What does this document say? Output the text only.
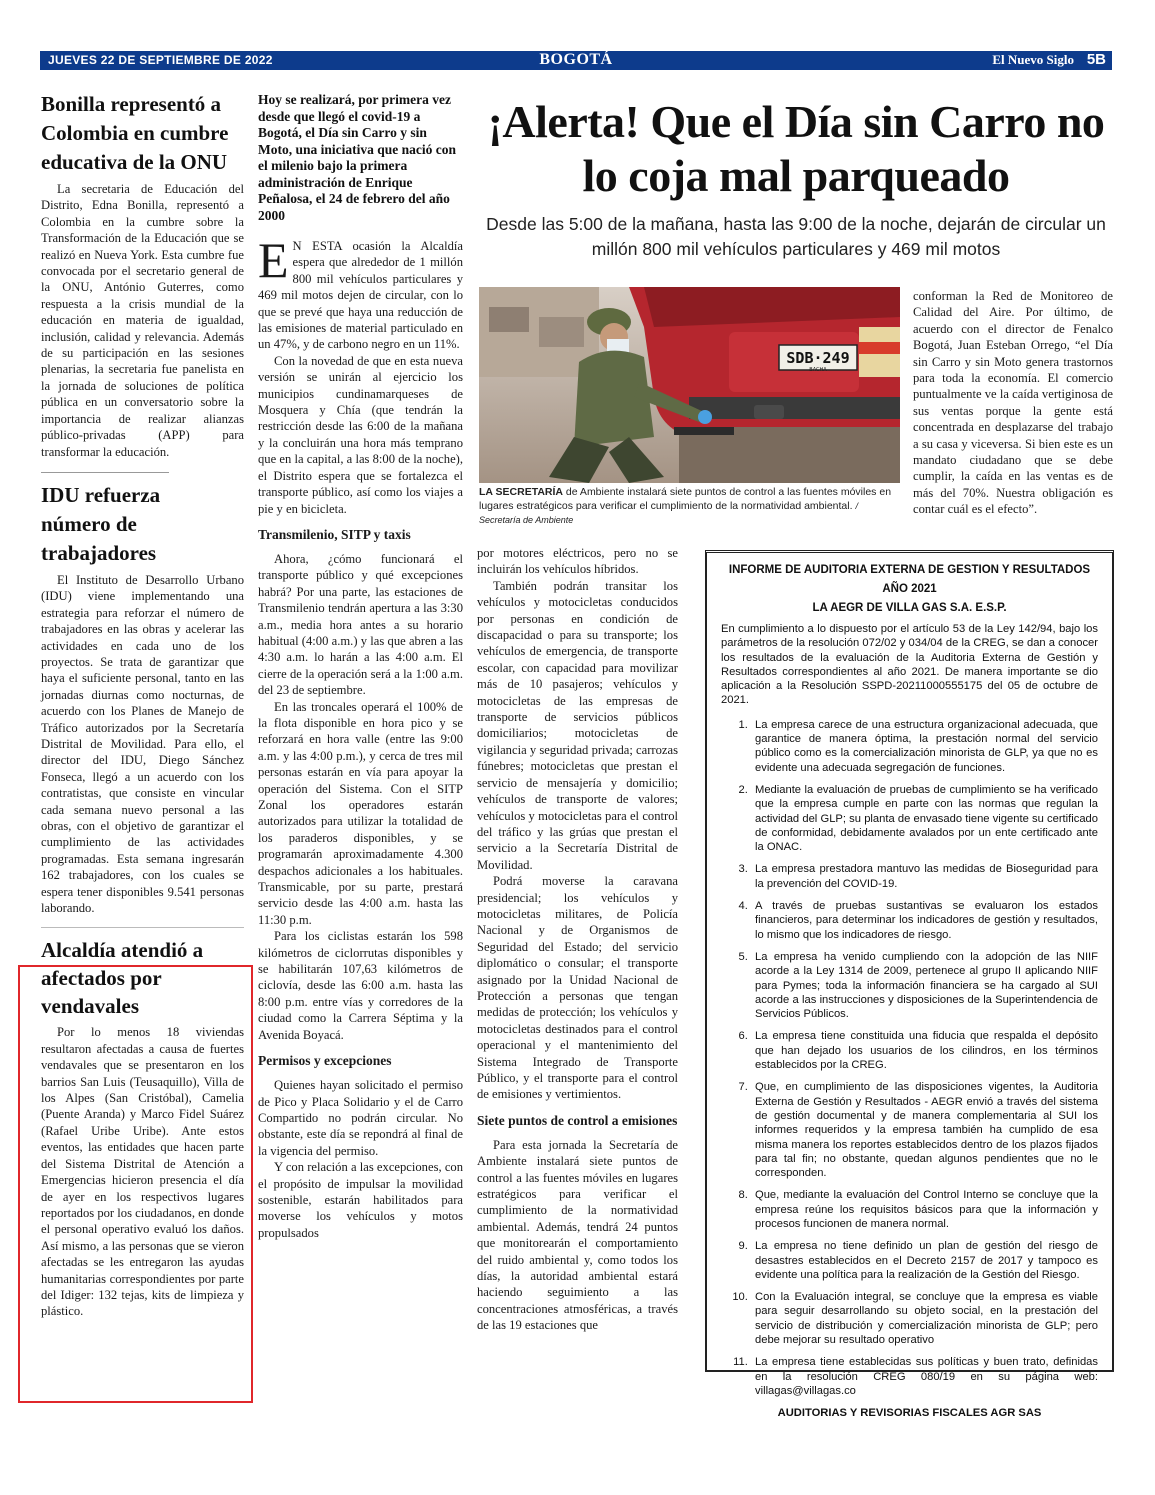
JUEVES 22 DE SEPTIEMBRE DE 2022	BOGOTÁ	El Nuevo Siglo 5B
Bonilla representó a Colombia en cumbre educativa de la ONU

La secretaria de Educación del Distrito, Edna Bonilla, representó a Colombia en la cumbre sobre la Transformación de la Educación que se realizó en Nueva York. Esta cumbre fue convocada por el secretario general de la ONU, António Guterres, como respuesta a la crisis mundial de la educación en materia de igualdad, inclusión, calidad y relevancia. Además de su participación en las sesiones plenarias, la secretaria fue panelista en la jornada de soluciones de política pública en un conversatorio sobre la importancia de realizar alianzas público-privadas (APP) para transformar la educación.

IDU refuerza número de trabajadores

El Instituto de Desarrollo Urbano (IDU) viene implementando una estrategia para reforzar el número de trabajadores en las obras y acelerar las actividades en cada uno de los proyectos. Se trata de garantizar que haya el suficiente personal, tanto en las jornadas diurnas como nocturnas, de acuerdo con los Planes de Manejo de Tráfico autorizados por la Secretaría Distrital de Movilidad. Para ello, el director del IDU, Diego Sánchez Fonseca, llegó a un acuerdo con los contratistas, que consiste en vincular cada semana nuevo personal a las obras, con el objetivo de garantizar el cumplimiento de las actividades programadas. Esta semana ingresarán 162 trabajadores, con los cuales se espera tener disponibles 9.541 personas laborando.

Alcaldía atendió a afectados por vendavales

Por lo menos 18 viviendas resultaron afectadas a causa de fuertes vendavales que se presentaron en los barrios San Luis (Teusaquillo), Villa de los Alpes (San Cristóbal), Camelia (Puente Aranda) y Marco Fidel Suárez (Rafael Uribe Uribe). Ante estos eventos, las entidades que hacen parte del Sistema Distrital de Atención a Emergencias hicieron presencia el día de ayer en los respectivos lugares reportados por los ciudadanos, en donde el personal operativo evaluó los daños. Así mismo, a las personas que se vieron afectadas se les entregaron las ayudas humanitarias correspondientes por parte del Idiger: 132 tejas, kits de limpieza y plástico.

Hoy se realizará, por primera vez desde que llegó el covid-19 a Bogotá, el Día sin Carro y sin Moto, una iniciativa que nació con el milenio bajo la primera administración de Enrique Peñalosa, el 24 de febrero del año 2000

E N ESTA ocasión la Alcaldía espera que alrededor de 1 millón 800 mil vehículos particulares y 469 mil motos dejen de circular, con lo que se prevé que haya una reducción de las emisiones de material particulado en un 47%, y de carbono negro en un 11%.

Con la novedad de que en esta nueva versión se unirán al ejercicio los municipios cundinamarqueses de Mosquera y Chía (que tendrán la restricción desde las 6:00 de la mañana y la concluirán una hora más temprano que en la capital, a las 8:00 de la noche), el Distrito espera que se fortalezca el transporte público, así como los viajes a pie y en bicicleta.

Transmilenio, SITP y taxis

Ahora, ¿cómo funcionará el transporte público y qué excepciones habrá? Por una parte, las estaciones de Transmilenio tendrán apertura a las 3:30 a.m., media hora antes a su horario habitual (4:00 a.m.) y las que abren a las 4:30 a.m. lo harán a las 4:00 a.m. El cierre de la operación será a la 1:00 a.m. del 23 de septiembre.

En las troncales operará el 100% de la flota disponible en hora pico y se reforzará en hora valle (entre las 9:00 a.m. y las 4:00 p.m.), y cerca de tres mil personas estarán en vía para apoyar la operación del Sistema. Con el SITP Zonal los operadores estarán autorizados para utilizar la totalidad de los paraderos disponibles, y se programarán aproximadamente 4.300 despachos adicionales a los habituales. Transmicable, por su parte, prestará servicio desde las 4:00 a.m. hasta las 11:30 p.m.

Para los ciclistas estarán los 598 kilómetros de ciclorrutas disponibles y se habilitarán 107,63 kilómetros de ciclovía, desde las 6:00 a.m. hasta las 8:00 p.m. entre vías y corredores de la ciudad como la Carrera Séptima y la Avenida Boyacá.

Permisos y excepciones

Quienes hayan solicitado el permiso de Pico y Placa Solidario y el de Carro Compartido no podrán circular. No obstante, este día se repondrá al final de la vigencia del permiso.

Y con relación a las excepciones, con el propósito de impulsar la movilidad sostenible, estarán habilitados para moverse los vehículos y motos propulsados

¡Alerta! Que el Día sin Carro no lo coja mal parqueado
Desde las 5:00 de la mañana, hasta las 9:00 de la noche, dejarán de circular un millón 800 mil vehículos particulares y 469 mil motos
SDB·249
BACHA
LA SECRETARÍA de Ambiente instalará siete puntos de control a las fuentes móviles en lugares estratégicos para verificar el cumplimiento de la normatividad ambiental. / Secretaría de Ambiente

por motores eléctricos, pero no se incluirán los vehículos híbridos.

También podrán transitar los vehículos y motocicletas conducidos por personas en condición de discapacidad o para su transporte; los vehículos de emergencia, de transporte escolar, con capacidad para movilizar más de 10 pasajeros; vehículos y motocicletas de las empresas de transporte de servicios públicos domiciliarios; motocicletas de vigilancia y seguridad privada; carrozas fúnebres; motocicletas que prestan el servicio de mensajería y domicilio; vehículos de transporte de valores; vehículos y motocicletas para el control del tráfico y las grúas que prestan el servicio a la Secretaría Distrital de Movilidad.

Podrá moverse la caravana presidencial; los vehículos y motocicletas militares, de Policía Nacional y de Organismos de Seguridad del Estado; del servicio diplomático o consular; el transporte asignado por la Unidad Nacional de Protección a personas que tengan medidas de protección; los vehículos y motocicletas destinados para el control operacional y el mantenimiento del Sistema Integrado de Transporte Público, y el transporte para el control de emisiones y vertimientos.

Siete puntos de control a emisiones

Para esta jornada la Secretaría de Ambiente instalará siete puntos de control a las fuentes móviles en lugares estratégicos para verificar el cumplimiento de la normatividad ambiental. Además, tendrá 24 puntos que monitorearán el comportamiento del ruido ambiental y, como todos los días, la autoridad ambiental estará haciendo seguimiento a las concentraciones atmosféricas, a través de las 19 estaciones que

conforman la Red de Monitoreo de Calidad del Aire. Por último, de acuerdo con el director de Fenalco Bogotá, Juan Esteban Orrego, “el Día sin Carro y sin Moto genera trastornos para toda la economía. El comercio puntualmente ve la caída vertiginosa de sus ventas porque la gente está concentrada en desplazarse del trabajo a su casa y viceversa. Si bien este es un mandato ciudadano que se debe cumplir, la caída en las ventas es de más del 70%. Nuestra obligación es contar cuál es el efecto”.

INFORME DE AUDITORIA EXTERNA DE GESTION Y RESULTADOS
AÑO 2021
LA AEGR DE VILLA GAS S.A. E.S.P.
En cumplimiento a lo dispuesto por el artículo 53 de la Ley 142/94, bajo los parámetros de la resolución 072/02 y 034/04 de la CREG, se dan a conocer los resultados de la evaluación de la Auditoria Externa de Gestión y Resultados correspondientes al año 2021. De manera importante se dio aplicación a la Resolución SSPD-20211000555175 del 05 de octubre de 2021.
1. La empresa carece de una estructura organizacional adecuada, que garantice de manera óptima, la prestación normal del servicio público como es la comercialización minorista de GLP, ya que no es evidente una adecuada segregación de funciones.
2. Mediante la evaluación de pruebas de cumplimiento se ha verificado que la empresa cumple en parte con las normas que regulan la actividad del GLP; su planta de envasado tiene vigente su certificado de conformidad, debidamente avalados por un ente certificado ante la ONAC.
3. La empresa prestadora mantuvo las medidas de Bioseguridad para la prevención del COVID-19.
4. A través de pruebas sustantivas se evaluaron los estados financieros, para determinar los indicadores de gestión y resultados, lo mismo que los indicadores de riesgo.
5. La empresa ha venido cumpliendo con la adopción de las NIIF acorde a la Ley 1314 de 2009, pertenece al grupo II aplicando NIIF para Pymes; toda la información financiera se ha cargado al SUI acorde a las instrucciones y disposiciones de la Superintendencia de Servicios Públicos.
6. La empresa tiene constituida una fiducia que respalda el depósito que han dejado los usuarios de los cilindros, en los términos establecidos por la CREG.
7. Que, en cumplimiento de las disposiciones vigentes, la Auditoria Externa de Gestión y Resultados - AEGR envió a través del sistema de gestión documental y de manera complementaria al SUI los informes requeridos y la empresa también ha cumplido de esa misma manera los reportes establecidos dentro de los plazos fijados para tal fin; no obstante, quedan algunos pendientes que no le corresponden.
8. Que, mediante la evaluación del Control Interno se concluye que la empresa reúne los requisitos básicos para que la información y procesos funcionen de manera normal.
9. La empresa no tiene definido un plan de gestión del riesgo de desastres establecidos en el Decreto 2157 de 2017 y tampoco es evidente una política para la realización de la Gestión del Riesgo.
10. Con la Evaluación integral, se concluye que la empresa es viable para seguir desarrollando su objeto social, en la prestación del servicio de distribución y comercialización minorista de GLP; pero debe mejorar su resultado operativo
11. La empresa tiene establecidas sus políticas y buen trato, definidas en la resolución CREG 080/19 en su página web: villagas@villagas.co
AUDITORIAS Y REVISORIAS FISCALES AGR SAS
